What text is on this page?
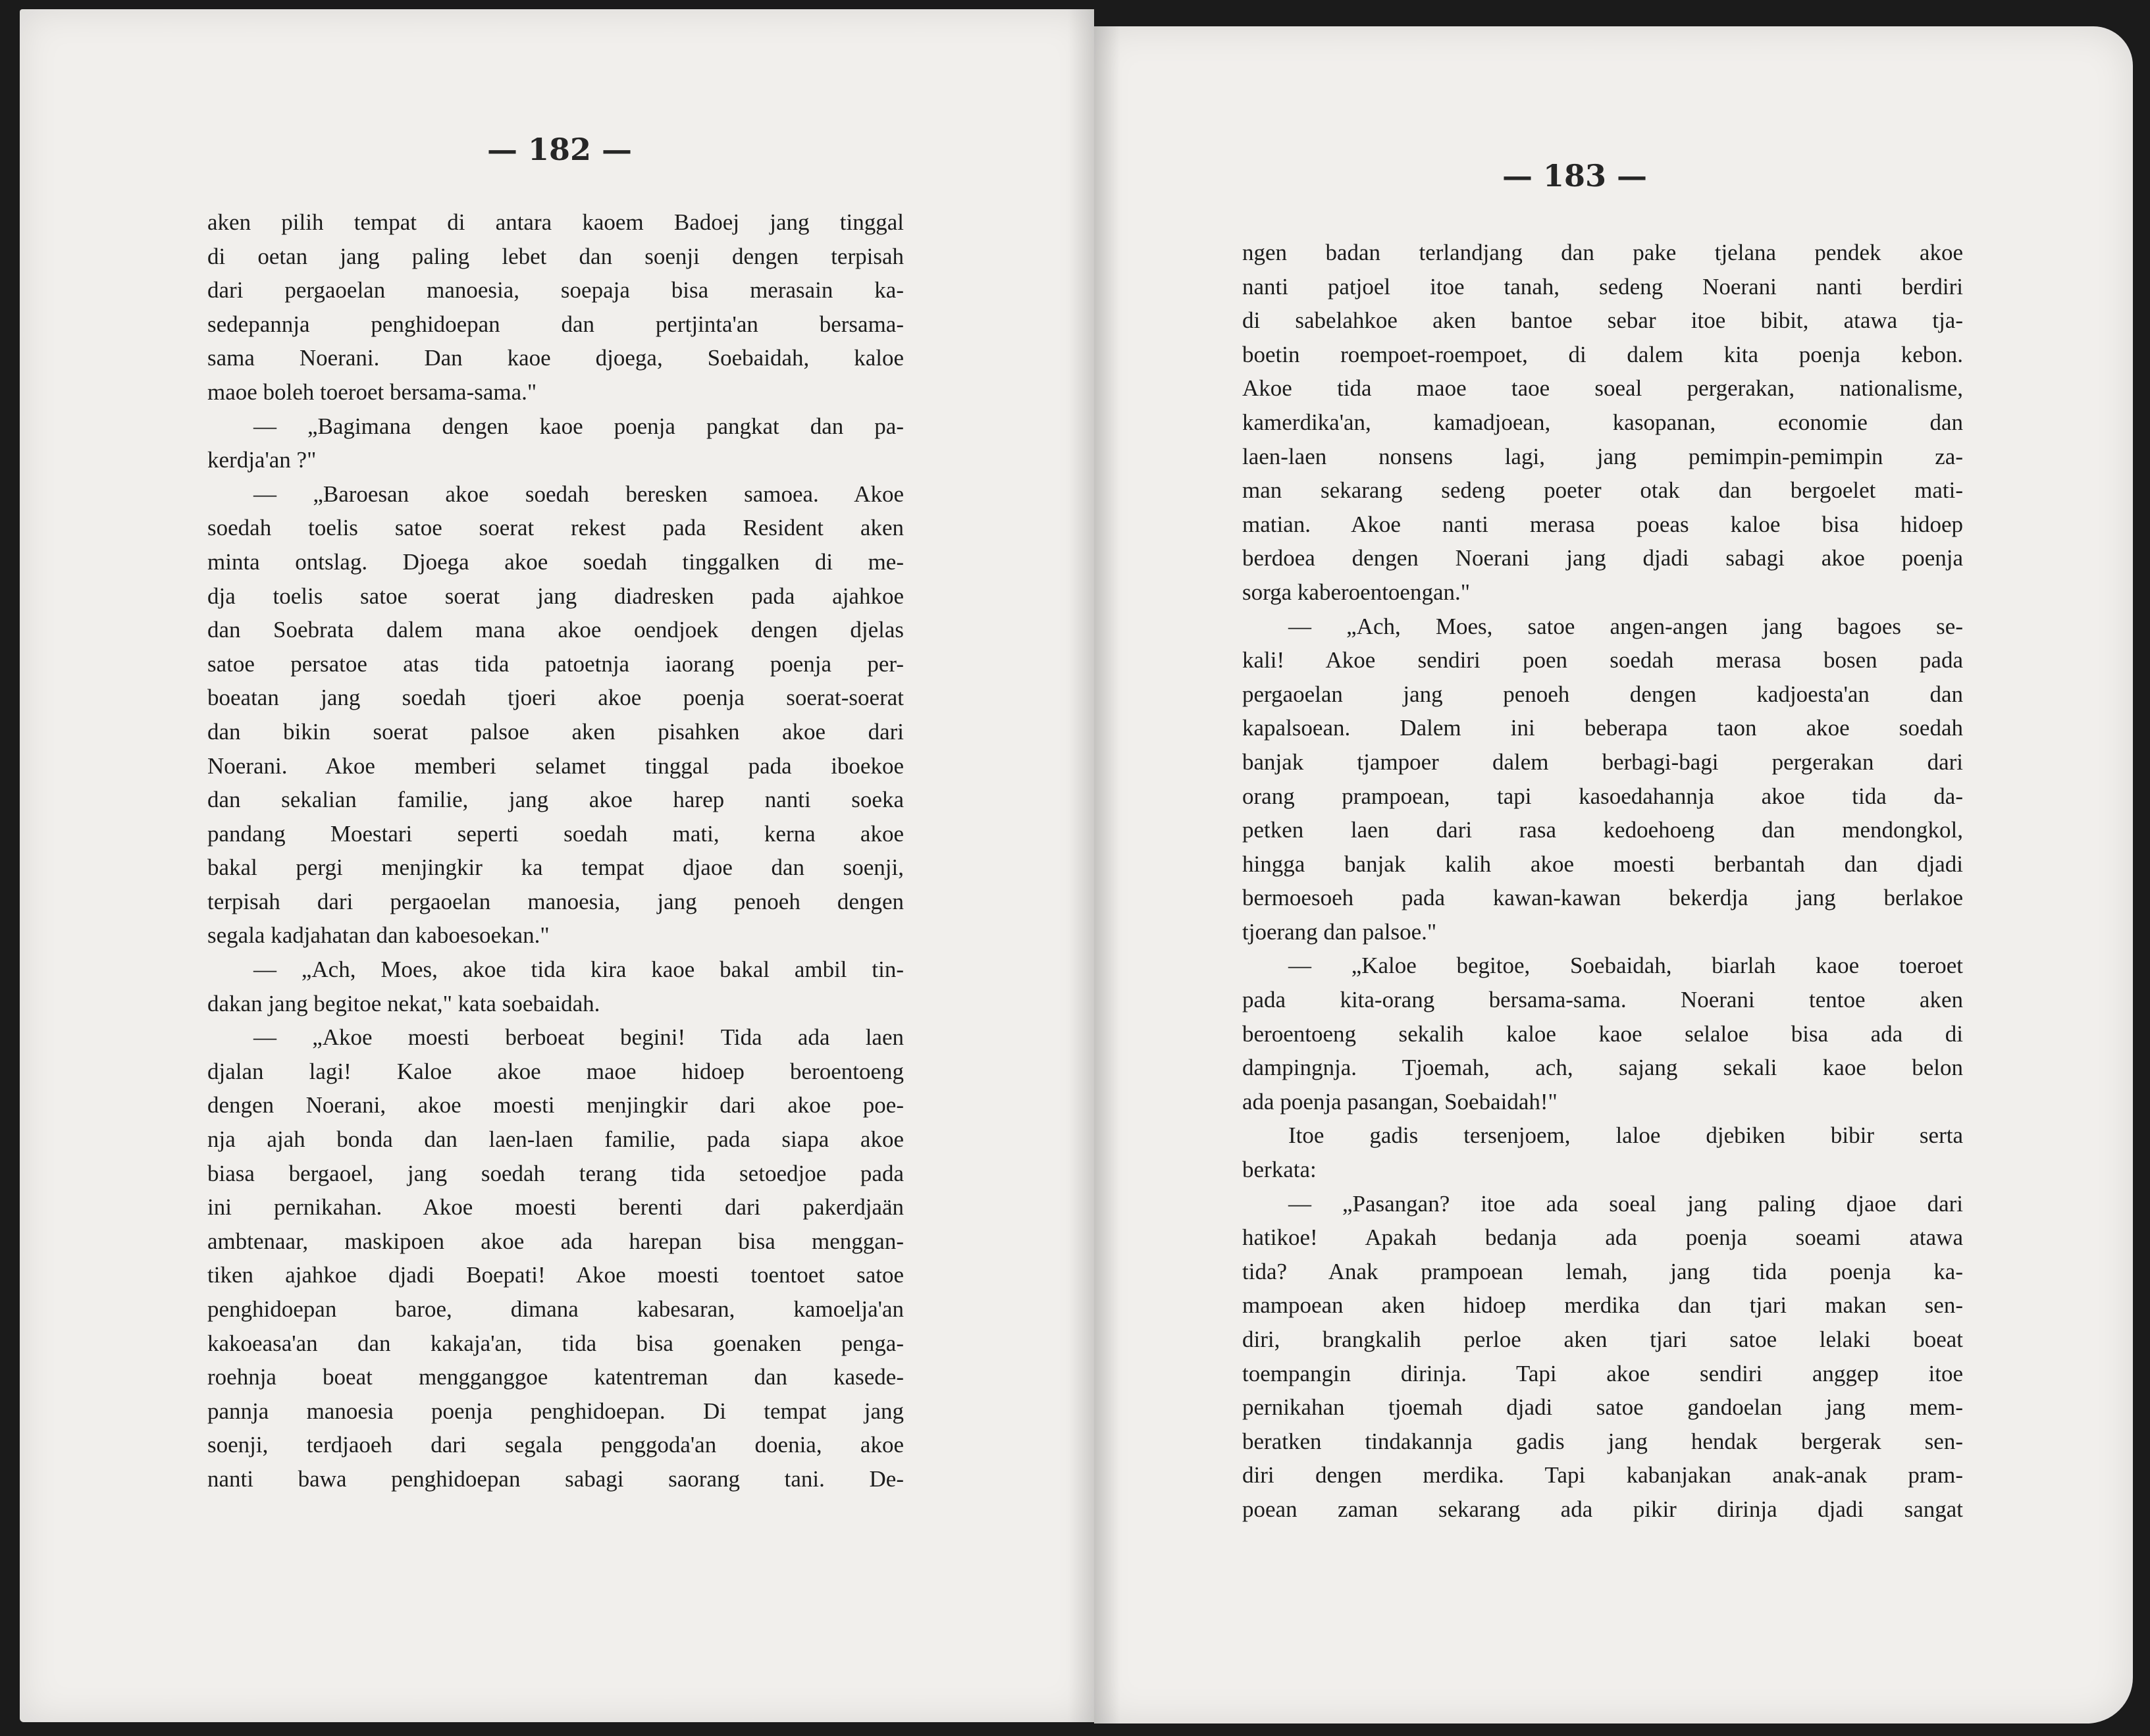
— 182 —
aken pilih tempat di antara kaoem Badoej jang tinggal
di oetan jang paling lebet dan soenji dengen terpisah
dari pergaoelan manoesia, soepaja bisa merasain ka-
sedepannja penghidoepan dan pertjinta'an bersama-
sama Noerani. Dan kaoe djoega, Soebaidah, kaloe
maoe boleh toeroet bersama-sama."
— „Bagimana dengen kaoe poenja pangkat dan pa-
kerdja'an ?"
— „Baroesan akoe soedah beresken samoea. Akoe
soedah toelis satoe soerat rekest pada Resident aken
minta ontslag. Djoega akoe soedah tinggalken di me-
dja toelis satoe soerat jang diadresken pada ajahkoe
dan Soebrata dalem mana akoe oendjoek dengen djelas
satoe persatoe atas tida patoetnja iaorang poenja per-
boeatan jang soedah tjoeri akoe poenja soerat-soerat
dan bikin soerat palsoe aken pisahken akoe dari
Noerani. Akoe memberi selamet tinggal pada iboekoe
dan sekalian familie, jang akoe harep nanti soeka
pandang Moestari seperti soedah mati, kerna akoe
bakal pergi menjingkir ka tempat djaoe dan soenji,
terpisah dari pergaoelan manoesia, jang penoeh dengen
segala kadjahatan dan kaboesoekan."
— „Ach, Moes, akoe tida kira kaoe bakal ambil tin-
dakan jang begitoe nekat," kata soebaidah.
— „Akoe moesti berboeat begini! Tida ada laen
djalan lagi! Kaloe akoe maoe hidoep beroentoeng
dengen Noerani, akoe moesti menjingkir dari akoe poe-
nja ajah bonda dan laen-laen familie, pada siapa akoe
biasa bergaoel, jang soedah terang tida setoedjoe pada
ini pernikahan. Akoe moesti berenti dari pakerdjaän
ambtenaar, maskipoen akoe ada harepan bisa menggan-
tiken ajahkoe djadi Boepati! Akoe moesti toentoet satoe
penghidoepan baroe, dimana kabesaran, kamoelja'an
kakoeasa'an dan kakaja'an, tida bisa goenaken penga-
roehnja boeat mengganggoe katentreman dan kasede-
pannja manoesia poenja penghidoepan. Di tempat jang
soenji, terdjaoeh dari segala penggoda'an doenia, akoe
nanti bawa penghidoepan sabagi saorang tani. De-
— 183 —
ngen badan terlandjang dan pake tjelana pendek akoe
nanti patjoel itoe tanah, sedeng Noerani nanti berdiri
di sabelahkoe aken bantoe sebar itoe bibit, atawa tja-
boetin roempoet-roempoet, di dalem kita poenja kebon.
Akoe tida maoe taoe soeal pergerakan, nationalisme,
kamerdika'an, kamadjoean, kasopanan, economie dan
laen-laen nonsens lagi, jang pemimpin-pemimpin za-
man sekarang sedeng poeter otak dan bergoelet mati-
matian. Akoe nanti merasa poeas kaloe bisa hidoep
berdoea dengen Noerani jang djadi sabagi akoe poenja
sorga kaberoentoengan."
— „Ach, Moes, satoe angen-angen jang bagoes se-
kali! Akoe sendiri poen soedah merasa bosen pada
pergaoelan jang penoeh dengen kadjoesta'an dan
kapalsoean. Dalem ini beberapa taon akoe soedah
banjak tjampoer dalem berbagi-bagi pergerakan dari
orang prampoean, tapi kasoedahannja akoe tida da-
petken laen dari rasa kedoehoeng dan mendongkol,
hingga banjak kalih akoe moesti berbantah dan djadi
bermoesoeh pada kawan-kawan bekerdja jang berlakoe
tjoerang dan palsoe."
— „Kaloe begitoe, Soebaidah, biarlah kaoe toeroet
pada kita-orang bersama-sama. Noerani tentoe aken
beroentoeng sekalih kaloe kaoe selaloe bisa ada di
dampingnja. Tjoemah, ach, sajang sekali kaoe belon
ada poenja pasangan, Soebaidah!"
Itoe gadis tersenjoem, laloe djebiken bibir serta
berkata:
— „Pasangan? itoe ada soeal jang paling djaoe dari
hatikoe! Apakah bedanja ada poenja soeami atawa
tida? Anak prampoean lemah, jang tida poenja ka-
mampoean aken hidoep merdika dan tjari makan sen-
diri, brangkalih perloe aken tjari satoe lelaki boeat
toempangin dirinja. Tapi akoe sendiri anggep itoe
pernikahan tjoemah djadi satoe gandoelan jang mem-
beratken tindakannja gadis jang hendak bergerak sen-
diri dengen merdika. Tapi kabanjakan anak-anak pram-
poean zaman sekarang ada pikir dirinja djadi sangat
